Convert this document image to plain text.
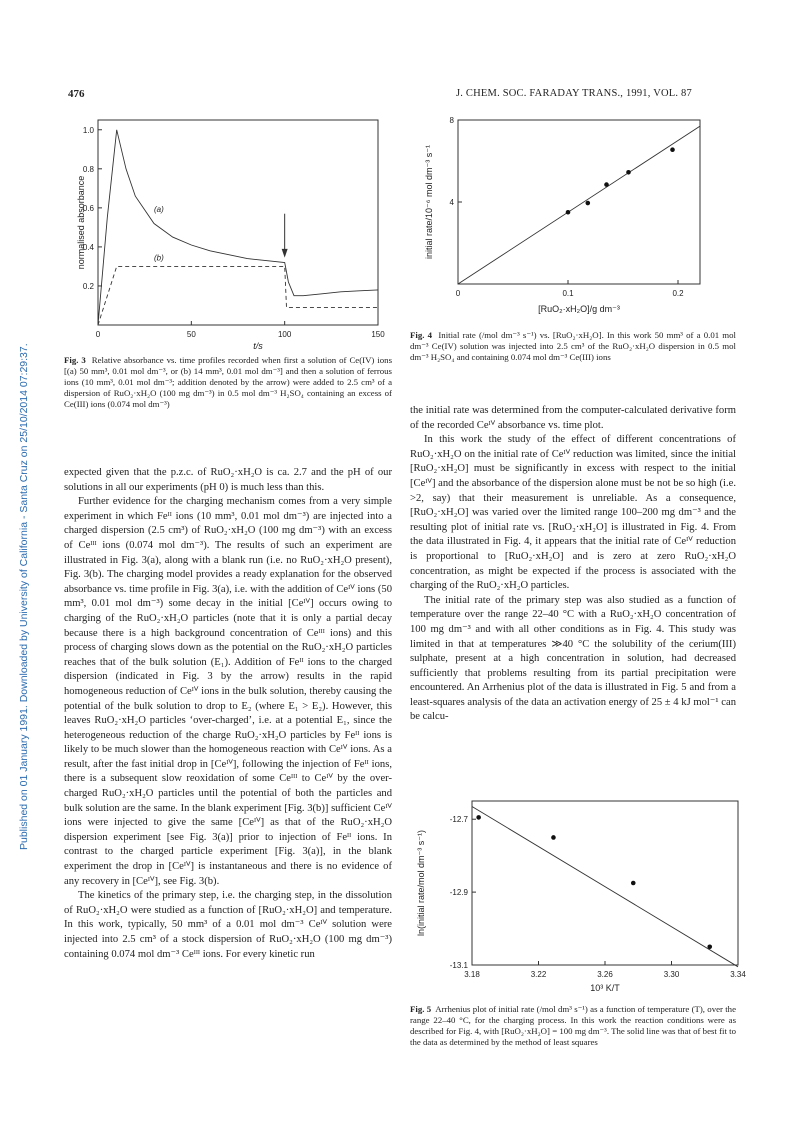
Published on 01 January 1991. Downloaded by University of California - Santa Cruz on 25/10/2014 07:29:37.
476	J. CHEM. SOC. FARADAY TRANS., 1991, VOL. 87
0	50	100	150
0.2
0.4
0.6
0.8
1.0
(a)
(b)
normalised absorbance
t/s
Fig. 3 Relative absorbance vs. time profiles recorded when first a solution of Ce(IV) ions [(a) 50 mm³, 0.01 mol dm⁻³, or (b) 14 mm³, 0.01 mol dm⁻³] and then a solution of ferrous ions (10 mm³, 0.01 mol dm⁻³; addition denoted by the arrow) were added to 2.5 cm³ of a dispersion of RuO₂·xH₂O (100 mg dm⁻³) in 0.5 mol dm⁻³ H₂SO₄ containing an excess of Ce(III) ions (0.074 mol dm⁻³)
0	0.1	0.2
4
8
initial rate/10⁻⁶ mol dm⁻³ s⁻¹
[RuO₂·xH₂O]/g dm⁻³
Fig. 4 Initial rate (/mol dm⁻³ s⁻¹) vs. [RuO₂·xH₂O]. In this work 50 mm³ of a 0.01 mol dm⁻³ Ce(IV) solution was injected into 2.5 cm³ of the RuO₂·xH₂O dispersion in 0.5 mol dm⁻³ H₂SO₄ and containing 0.074 mol dm⁻³ Ce(III) ions
3.18	3.22	3.26	3.30	3.34
-12.7
-12.9
-13.1
ln(initial rate/mol dm⁻³ s⁻¹)
10³ K/T
Fig. 5 Arrhenius plot of initial rate (/mol dm³ s⁻¹) as a function of temperature (T), over the range 22–40 °C, for the charging process. In this work the reaction conditions were as described for Fig. 4, with [RuO₂·xH₂O] = 100 mg dm⁻³. The solid line was that of best fit to the data as determined by the method of least squares

expected given that the p.z.c. of RuO₂·xH₂O is ca. 2.7 and the pH of our solutions in all our experiments (pH 0) is much less than this.

Further evidence for the charging mechanism comes from a very simple experiment in which Feᴵᴵ ions (10 mm³, 0.01 mol dm⁻³) are injected into a charged dispersion (2.5 cm³) of RuO₂·xH₂O (100 mg dm⁻³) with an excess of Ceᴵᴵᴵ ions (0.074 mol dm⁻³). The results of such an experiment are illustrated in Fig. 3(a), along with a blank run (i.e. no RuO₂·xH₂O present), Fig. 3(b). The charging model provides a ready explanation for the observed absorbance vs. time profile in Fig. 3(a), i.e. with the addition of Ceᴵⱽ ions (50 mm³, 0.01 mol dm⁻³) some decay in the initial [Ceᴵⱽ] occurs owing to charging of the RuO₂·xH₂O particles (note that it is only a partial decay because there is a high background concentration of Ceᴵᴵᴵ ions) and this process of charging slows down as the potential on the RuO₂·xH₂O particles reaches that of the bulk solution (E₁). Addition of Feᴵᴵ ions to the charged dispersion (indicated in Fig. 3 by the arrow) results in the rapid homogeneous reduction of Ceᴵⱽ ions in the bulk solution, thereby causing the potential of the bulk solution to drop to E₂ (where E₁ > E₂). However, this leaves RuO₂·xH₂O particles ‘over-charged’, i.e. at a potential E₁, since the heterogeneous reduction of the charge RuO₂·xH₂O particles by Feᴵᴵ ions is likely to be much slower than the homogeneous reaction with Ceᴵⱽ ions. As a result, after the fast initial drop in [Ceᴵⱽ], following the injection of Feᴵᴵ ions, there is a subsequent slow reoxidation of some Ceᴵᴵᴵ to Ceᴵⱽ by the over-charged RuO₂·xH₂O particles until the potential of both the particles and bulk solution are the same. In the blank experiment [Fig. 3(b)] sufficient Ceᴵⱽ ions were injected to give the same [Ceᴵⱽ] as that of the RuO₂·xH₂O dispersion experiment [see Fig. 3(a)] prior to injection of Feᴵᴵ ions. In contrast to the charged particle experiment [Fig. 3(a)], in the blank experiment the drop in [Ceᴵⱽ] is instantaneous and there is no evidence of any recovery in [Ceᴵⱽ], see Fig. 3(b).

The kinetics of the primary step, i.e. the charging step, in the dissolution of RuO₂·xH₂O were studied as a function of [RuO₂·xH₂O] and temperature. In this work, typically, 50 mm³ of a 0.01 mol dm⁻³ Ceᴵⱽ solution were injected into 2.5 cm³ of a stock dispersion of RuO₂·xH₂O (100 mg dm⁻³) containing 0.074 mol dm⁻³ Ceᴵᴵᴵ ions. For every kinetic run

the initial rate was determined from the computer-calculated derivative form of the recorded Ceᴵⱽ absorbance vs. time plot.

In this work the study of the effect of different concentrations of RuO₂·xH₂O on the initial rate of Ceᴵⱽ reduction was limited, since the initial [RuO₂·xH₂O] must be significantly in excess with respect to the initial [Ceᴵⱽ] and the absorbance of the dispersion alone must be not be so high (i.e. >2, say) that their measurement is unreliable. As a consequence, [RuO₂·xH₂O] was varied over the limited range 100–200 mg dm⁻³ and the resulting plot of initial rate vs. [RuO₂·xH₂O] is illustrated in Fig. 4. From the data illustrated in Fig. 4, it appears that the initial rate of Ceᴵⱽ reduction is proportional to [RuO₂·xH₂O] and is zero at zero RuO₂·xH₂O concentration, as might be expected if the process is associated with the charging of the RuO₂·xH₂O particles.

The initial rate of the primary step was also studied as a function of temperature over the range 22–40 °C with a RuO₂·xH₂O concentration of 100 mg dm⁻³ and with all other conditions as in Fig. 4. This study was limited in that at temperatures ≫40 °C the solubility of the cerium(III) sulphate, present at a high concentration in solution, had decreased sufficiently that problems resulting from its partial precipitation were encountered. An Arrhenius plot of the data is illustrated in Fig. 5 and from a least-squares analysis of the data an activation energy of 25 ± 4 kJ mol⁻¹ can be calcu-
